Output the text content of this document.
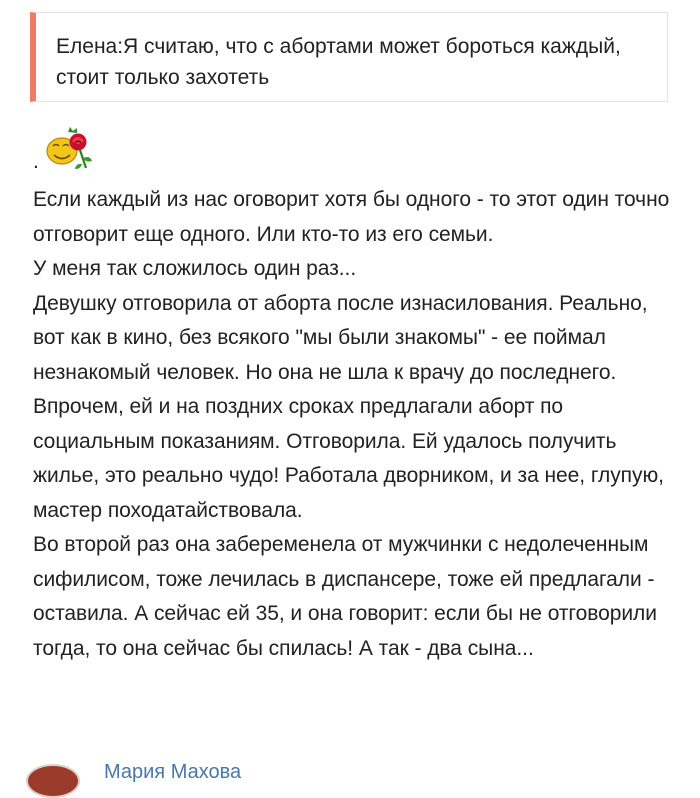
Елена:Я считаю, что с абортами может бороться каждый, стоит только захотеть

.

Если каждый из нас оговорит хотя бы одного - то этот один точно отговорит еще одного. Или кто-то из его семьи.

У меня так сложилось один раз...

Девушку отговорила от аборта после изнасилования. Реально, вот как в кино, без всякого "мы были знакомы" - ее поймал незнакомый человек. Но она не шла к врачу до последнего. Впрочем, ей и на поздних сроках предлагали аборт по социальным показаниям. Отговорила. Ей удалось получить жилье, это реально чудо! Работала дворником, и за нее, глупую, мастер походатайствовала.

Во второй раз она забеременела от мужчинки с недолеченным сифилисом, тоже лечилась в диспансере, тоже ей предлагали - оставила. А сейчас ей 35, и она говорит: если бы не отговорили тогда, то она сейчас бы спилась! А так - два сына...

Мария Махова
